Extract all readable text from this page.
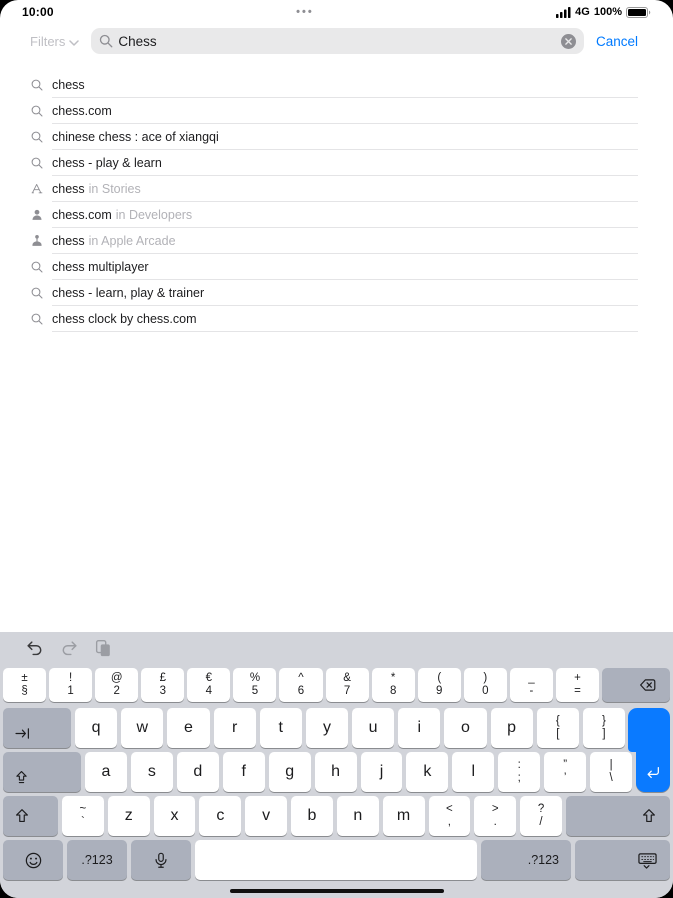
10:00	•••	4G 100%
Filters	Chess	Cancel
chess
chess.com
chinese chess : ace of xiangqi
chess - play & learn
chess in Stories
chess.com in Developers
chess in Apple Arcade
chess multiplayer
chess - learn, play & trainer
chess clock by chess.com
±
§
!
1
@
2
£
3
€
4
%
5
^
6
&
7
*
8
(
9
)
0
_
-
+
=
q w e r	t y u i o p	{
[
}
]
a s d f g h j	k	l	:
;
”
’
|
\
~
` z x c v b n m	<
,
>
.
?
/
.?123	.?123
